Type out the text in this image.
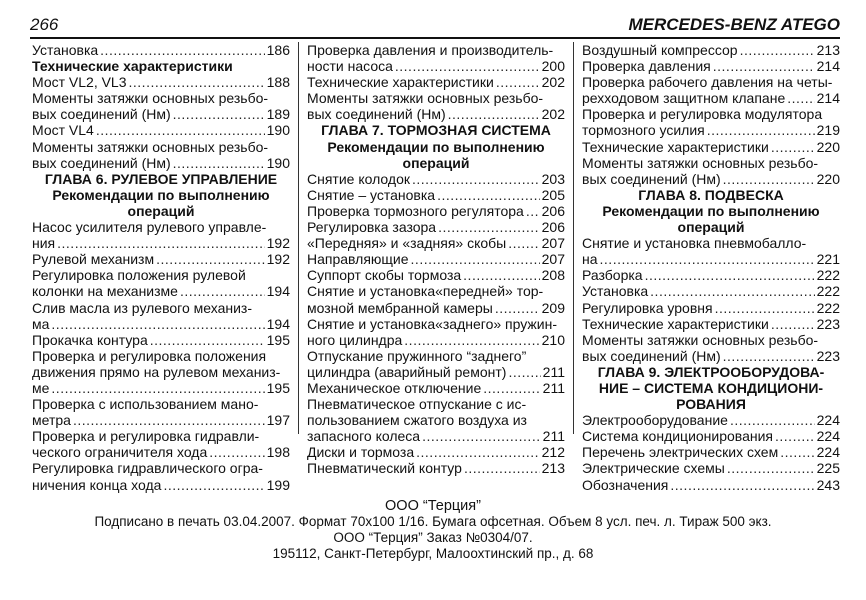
266	MERCEDES-BENZ ATEGO
Установка .....	186
Технические характеристики
Мост VL2, VL3 .....	188
Моменты затяжки основных резьбо-
вых соединений (Нм) .....	189
Мост VL4 .....	190
Моменты затяжки основных резьбо-
вых соединений (Нм) .....	190
ГЛАВА 6. РУЛЕВОЕ УПРАВЛЕНИЕ
Рекомендации по выполнению
операций
Насос усилителя рулевого управле-
ния .....	192
Рулевой механизм .....	192
Регулировка положения рулевой
колонки на механизме .....	194
Слив масла из рулевого механиз-
ма .....	194
Прокачка контура .....	195
Проверка и регулировка положения
движения прямо на рулевом механиз-
ме .....	195
Проверка с использованием мано-
метра .....	197
Проверка и регулировка гидравли-
ческого ограничителя хода .....	198
Регулировка гидравлического огра-
ничения конца хода .....	199
Проверка давления и производитель-
ности насоса .....	200
Технические характеристики .....	202
Моменты затяжки основных резьбо-
вых соединений (Нм) .....	202
ГЛАВА 7. ТОРМОЗНАЯ СИСТЕМА
Рекомендации по выполнению
операций
Снятие колодок .....	203
Снятие – установка .....	205
Проверка тормозного регулятора ..... 206
Регулировка зазора .....	206
«Передняя» и «задняя» скобы .....	207
Направляющие .....	207
Суппорт скобы тормоза .....	208
Снятие и установка«передней» тор-
мозной мембранной камеры .....	209
Снятие и установка«заднего» пружин-
ного цилиндра .....	210
Отпускание пружинного “заднего”
цилиндра (аварийный ремонт) .....	211
Механическое отключение .....	211
Пневматическое отпускание с ис-
пользованием сжатого воздуха из
запасного колеса .....	211
Диски и тормоза .....	212
Пневматический контур .....	213
Воздушный компрессор .....	213
Проверка давления .....	214
Проверка рабочего давления на четы-
рехходовом защитном клапане ..... 214
Проверка и регулировка модулятора
тормозного усилия .....	219
Технические характеристики .....	220
Моменты затяжки основных резьбо-
вых соединений (Нм) .....	220
ГЛАВА 8. ПОДВЕСКА
Рекомендации по выполнению
операций
Снятие и установка пневмобалло-
на .....	221
Разборка .....	222
Установка .....	222
Регулировка уровня .....	222
Технические характеристики .....	223
Моменты затяжки основных резьбо-
вых соединений (Нм) .....	223
ГЛАВА 9. ЭЛЕКТРООБОРУДОВА-
НИЕ – СИСТЕМА КОНДИЦИОНИ-
РОВАНИЯ
Электрооборудование .....	224
Система кондиционирования .....	224
Перечень электрических схем .....	224
Электрические схемы .....	225
Обозначения .....	243
ООО “Терция”
Подписано в печать 03.04.2007. Формат 70х100 1/16. Бумага офсетная. Объем 8 усл. печ. л. Тираж 500 экз.
ООО “Терция” Заказ №0304/07.
195112, Санкт-Петербург, Малоохтинский пр., д. 68
